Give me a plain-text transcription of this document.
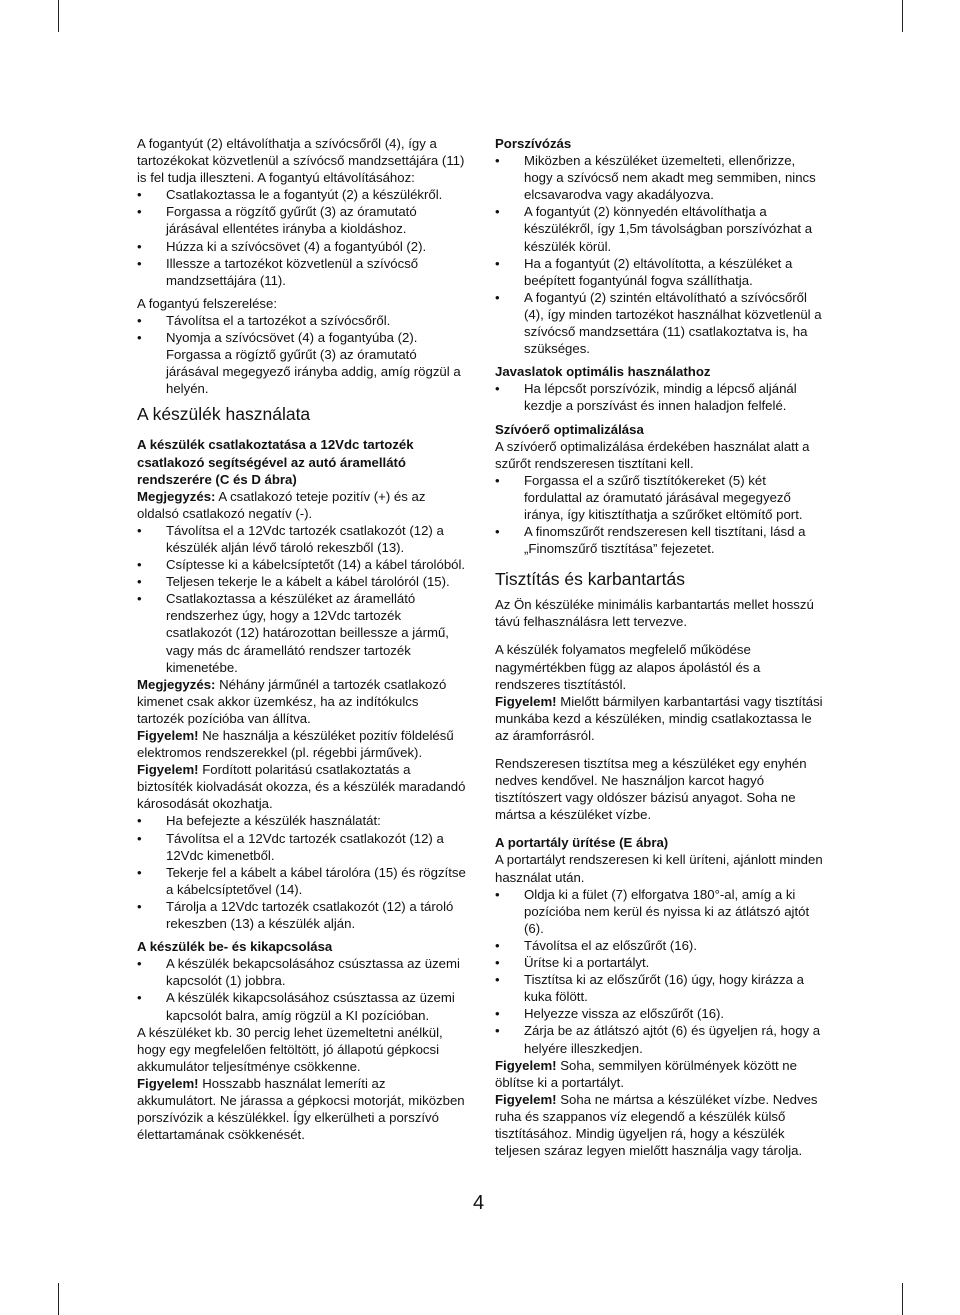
A fogantyút (2) eltávolíthatja a szívócsőről (4), így a tartozékokat közvetlenül a szívócső mandzsettájára (11) is fel tudja illeszteni. A fogantyú eltávolításához:

• Csatlakoztassa le a fogantyút (2) a készülékről.
• Forgassa a rögzítő gyűrűt (3) az óramutató járásával ellentétes irányba a kioldáshoz.
• Húzza ki a szívócsövet (4) a fogantyúból (2).
• Illessze a tartozékot közvetlenül a szívócső mandzsettájára (11).

A fogantyú felszerelése:

• Távolítsa el a tartozékot a szívócsőről.
• Nyomja a szívócsövet (4) a fogantyúba (2). Forgassa a rögíztő gyűrűt (3) az óramutató járásával megegyező irányba addig, amíg rögzül a helyén.
A készülék használata

A készülék csatlakoztatása a 12Vdc tartozék csatlakozó segítségével az autó áramellátó rendszerére (C és D ábra)

Megjegyzés: A csatlakozó teteje pozitív (+) és az oldalsó csatlakozó negatív (-).

• Távolítsa el a 12Vdc tartozék csatlakozót (12) a készülék alján lévő tároló rekeszből (13).
• Csíptesse ki a kábelcsíptetőt (14) a kábel tárolóból.
• Teljesen tekerje le a kábelt a kábel tárolóról (15).
• Csatlakoztassa a készüléket az áramellátó rendszerhez úgy, hogy a 12Vdc tartozék csatlakozót (12) határozottan beillessze a jármű, vagy más dc áramellátó rendszer tartozék kimenetébe.

Megjegyzés: Néhány járműnél a tartozék csatlakozó kimenet csak akkor üzemkész, ha az indítókulcs tartozék pozícióba van állítva.

Figyelem! Ne használja a készüléket pozitív földelésű elektromos rendszerekkel (pl. régebbi járművek).

Figyelem! Fordított polaritású csatlakoztatás a biztosíték kiolvadását okozza, és a készülék maradandó károsodását okozhatja.

• Ha befejezte a készülék használatát:
• Távolítsa el a 12Vdc tartozék csatlakozót (12) a 12Vdc kimenetből.
• Tekerje fel a kábelt a kábel tárolóra (15) és rögzítse a kábelcsíptetővel (14).
• Tárolja a 12Vdc tartozék csatlakozót (12) a tároló rekeszben (13) a készülék alján.

A készülék be- és kikapcsolása

• A készülék bekapcsolásához csúsztassa az üzemi kapcsolót (1) jobbra.
• A készülék kikapcsolásához csúsztassa az üzemi kapcsolót balra, amíg rögzül a KI pozícióban.

A készüléket kb. 30 percig lehet üzemeltetni anélkül, hogy egy megfelelően feltöltött, jó állapotú gépkocsi akkumulátor teljesítménye csökkenne.

Figyelem! Hosszabb használat lemeríti az akkumulátort. Ne járassa a gépkocsi motorját, miközben porszívózik a készülékkel. Így elkerülheti a porszívó élettartamának csökkenését.

Porszívózás

• Miközben a készüléket üzemelteti, ellenőrizze, hogy a szívócső nem akadt meg semmiben, nincs elcsavarodva vagy akadályozva.
• A fogantyút (2) könnyedén eltávolíthatja a készülékről, így 1,5m távolságban porszívózhat a készülék körül.
• Ha a fogantyút (2) eltávolította, a készüléket a beépített fogantyúnál fogva szállíthatja.
• A fogantyú (2) szintén eltávolítható a szívócsőről (4), így minden tartozékot használhat közvetlenül a szívócső mandzsettára (11) csatlakoztatva is, ha szükséges.

Javaslatok optimális használathoz

• Ha lépcsőt porszívózik, mindig a lépcső aljánál kezdje a porszívást és innen haladjon felfelé.

Szívóerő optimalizálása

A szívóerő optimalizálása érdekében használat alatt a szűrőt rendszeresen tisztítani kell.

• Forgassa el a szűrő tisztítókereket (5) két fordulattal az óramutató járásával megegyező iránya, így kitisztíthatja a szűrőket eltömítő port.
• A finomszűrőt rendszeresen kell tisztítani, lásd a „Finomszűrő tisztítása” fejezetet.
Tisztítás és karbantartás

Az Ön készüléke minimális karbantartás mellet hosszú távú felhasználásra lett tervezve.

A készülék folyamatos megfelelő működése nagymértékben függ az alapos ápolástól és a rendszeres tisztítástól.

Figyelem! Mielőtt bármilyen karbantartási vagy tisztítási munkába kezd a készüléken, mindig csatlakoztassa le az áramforrásról.

Rendszeresen tisztítsa meg a készüléket egy enyhén nedves kendővel. Ne használjon karcot hagyó tisztítószert vagy oldószer bázisú anyagot. Soha ne mártsa a készüléket vízbe.

A portartály ürítése (E ábra)

A portartályt rendszeresen ki kell üríteni, ajánlott minden használat után.

• Oldja ki a fület (7) elforgatva 180°-al, amíg a ki pozícióba nem kerül és nyissa ki az átlátszó ajtót (6).
• Távolítsa el az előszűrőt (16).
• Ürítse ki a portartályt.
• Tisztítsa ki az előszűrőt (16) úgy, hogy kirázza a kuka fölött.
• Helyezze vissza az előszűrőt (16).
• Zárja be az átlátszó ajtót (6) és ügyeljen rá, hogy a helyére illeszkedjen.

Figyelem! Soha, semmilyen körülmények között ne öblítse ki a portartályt.

Figyelem! Soha ne mártsa a készüléket vízbe. Nedves ruha és szappanos víz elegendő a készülék külső tisztításához. Mindig ügyeljen rá, hogy a készülék teljesen száraz legyen mielőtt használja vagy tárolja.

4
